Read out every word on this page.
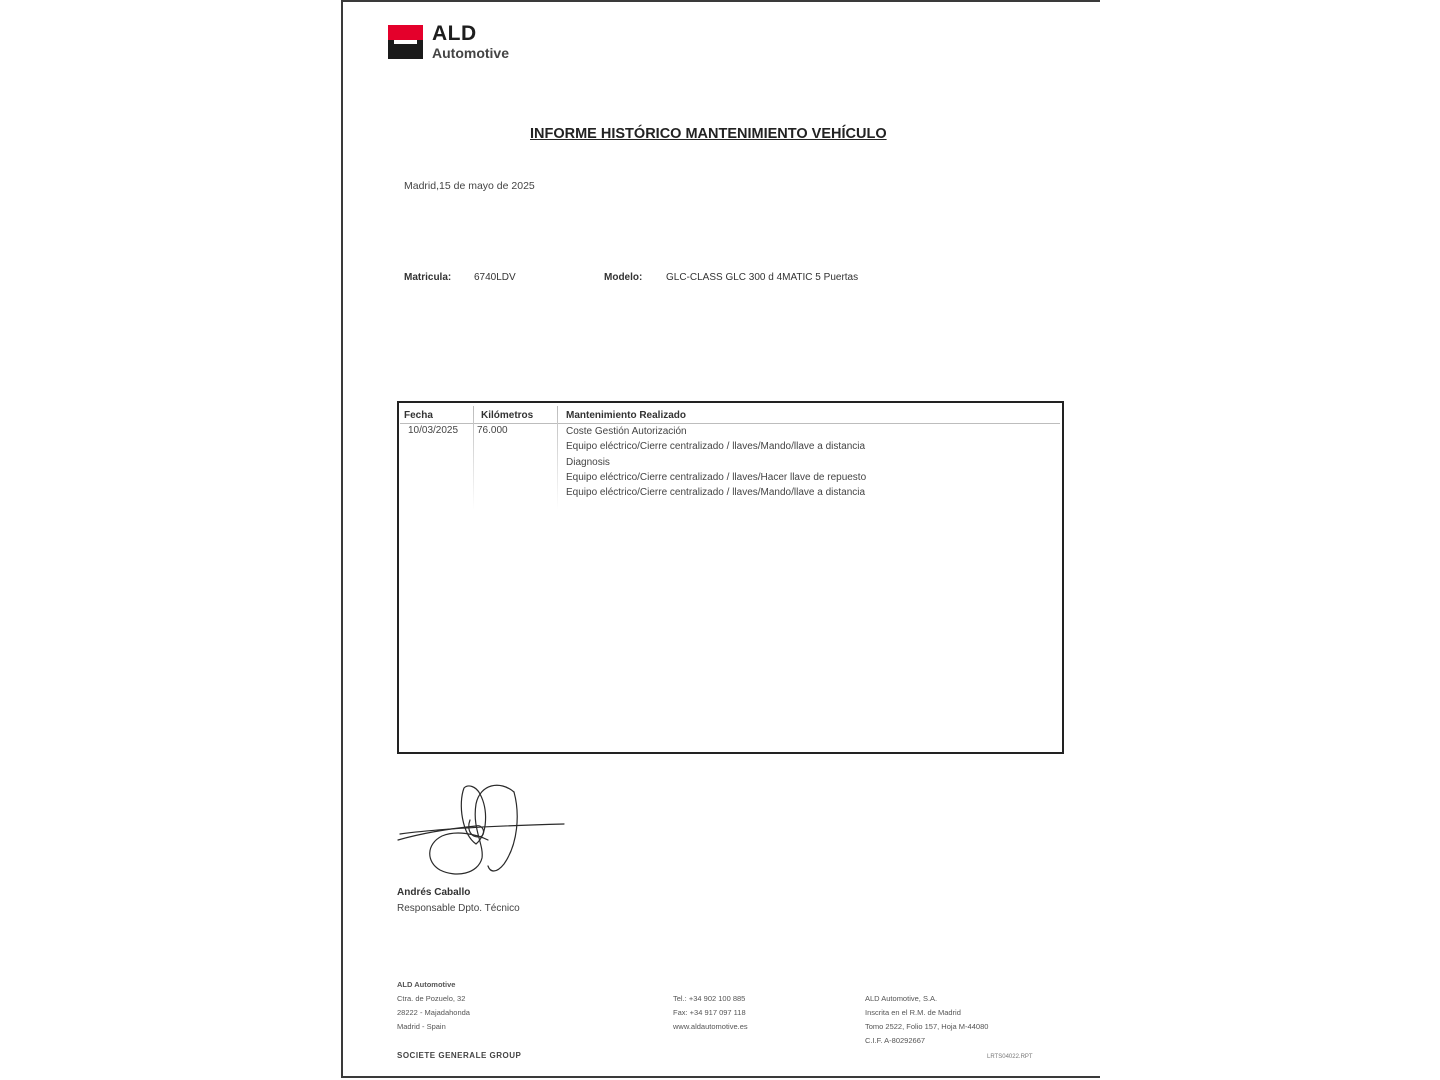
ALD
Automotive
INFORME HISTÓRICO MANTENIMIENTO VEHÍCULO
Madrid,15 de mayo de 2025
Matricula: 6740LDV	Modelo: GLC-CLASS GLC 300 d 4MATIC 5 Puertas
Fecha	Kilómetros	Mantenimiento Realizado
10/03/2025 76.000	Coste Gestión Autorización
Equipo eléctrico/Cierre centralizado / llaves/Mando/llave a distancia
Diagnosis
Equipo eléctrico/Cierre centralizado / llaves/Hacer llave de repuesto
Equipo eléctrico/Cierre centralizado / llaves/Mando/llave a distancia
Andrés Caballo
Responsable Dpto. Técnico
ALD Automotive
Ctra. de Pozuelo, 32
28222 - Majadahonda
Madrid - Spain
Tel.: +34 902 100 885
Fax: +34 917 097 118
www.aldautomotive.es
ALD Automotive, S.A.
Inscrita en el R.M. de Madrid
Tomo 2522, Folio 157, Hoja M-44080
C.I.F. A-80292667
SOCIETE GENERALE GROUP	LRTS04022.RPT
